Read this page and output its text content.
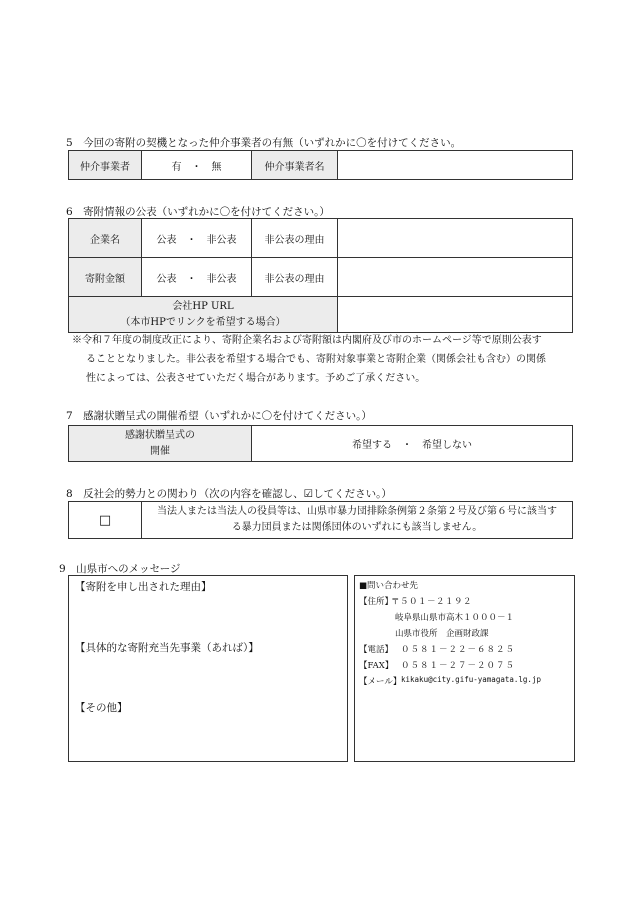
5　今回の寄附の契機となった仲介事業者の有無（いずれかに〇を付けてください。
仲介事業者	有　・　無	仲介事業者名	
6　寄附情報の公表（いずれかに〇を付けてください。）
企業名	公表　・　非公表	非公表の理由	
寄附金額	公表　・　非公表	非公表の理由	

会社HP URL
（本市HPでリンクを希望する場合）			

※令和７年度の制度改正により、寄附企業名および寄附額は内閣府及び市のホームページ等で原則公表す
ることとなりました。非公表を希望する場合でも、寄附対象事業と寄附企業（関係会社も含む）の関係
性によっては、公表させていただく場合があります。予めご了承ください。
7　感謝状贈呈式の開催希望（いずれかに〇を付けてください。）
感謝状贈呈式の
開催	希望する　・　希望しない
8　反社会的勢力との関わり（次の内容を確認し、☑してください。）
□	
当法人または当法人の役員等は、山県市暴力団排除条例第２条第２号及び第６号に該当す
る暴力団員または関係団体のいずれにも該当しません。
9　山県市へのメッセージ
【寄附を申し出された理由】
【具体的な寄附充当先事業（あれば）】
【その他】
■問い合わせ先
【住所】
〒５０１－２１９２
岐阜県山県市高木１０００－１
山県市役所　企画財政課
【電話】 ０５８１－２２－６８２５
【FAX】 ０５８１－２７－２０７５
【メール】 kikaku@city.gifu-yamagata.lg.jp
